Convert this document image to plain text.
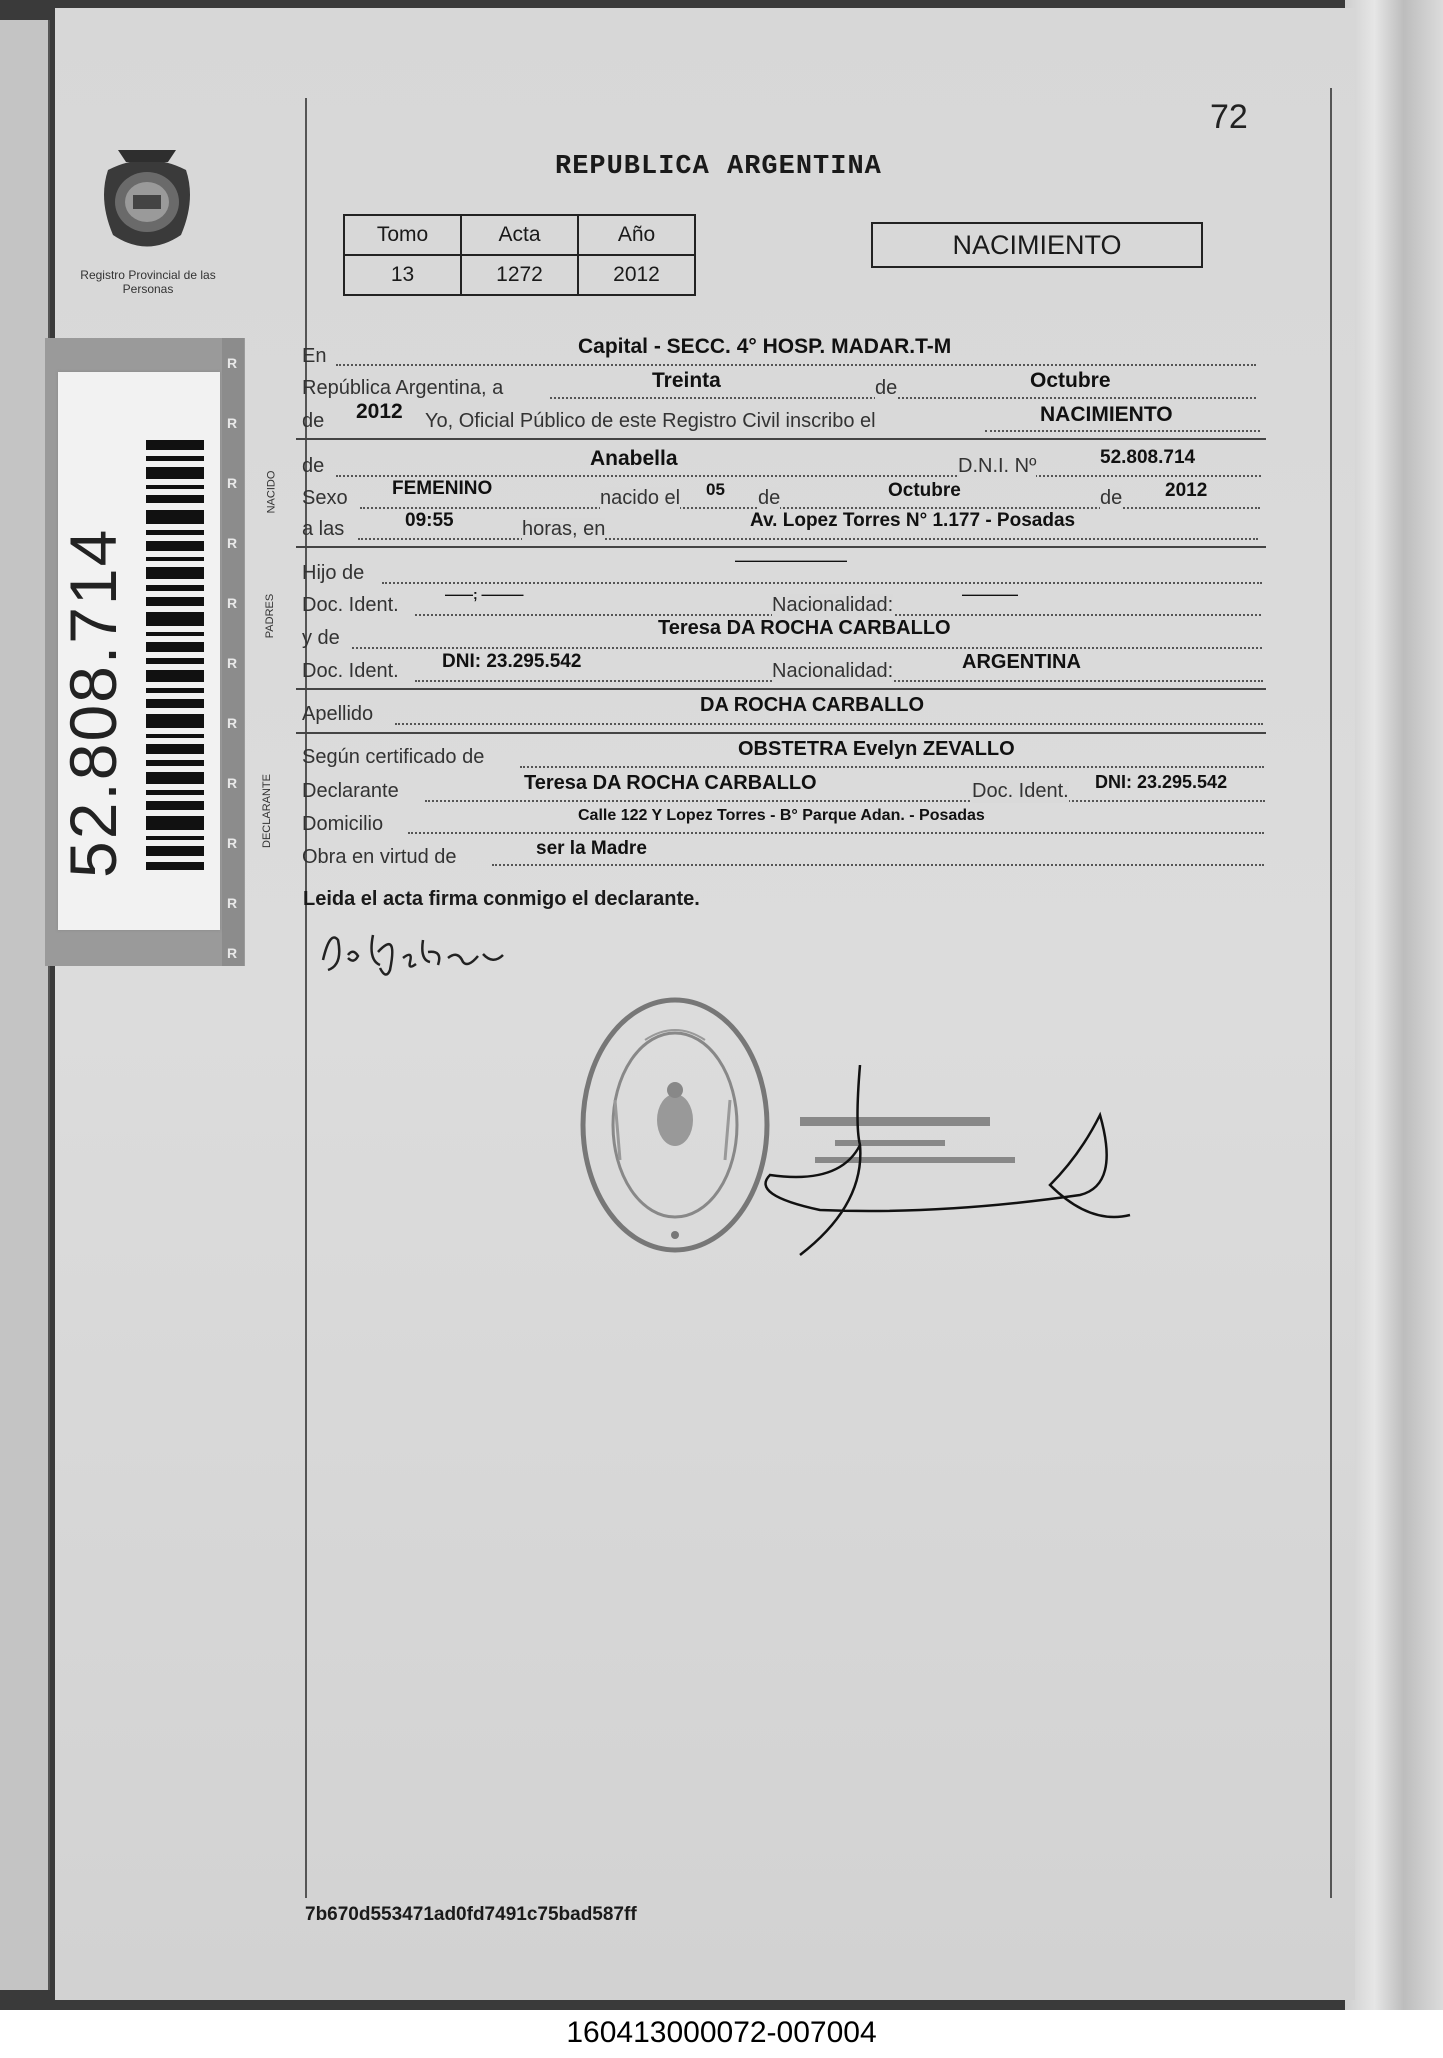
Registro Provincial de las Personas
R
R
R
R
R
R
R
R
R
R
R
52.808.714
72
REPUBLICA ARGENTINA
Tomo	Acta	Año
13	1272	2012
NACIMIENTO
En	Capital - SECC. 4° HOSP. MADAR.T-M
República Argentina, a	Treinta	de	Octubre
de 2012 Yo, Oficial Público de este Registro Civil inscribo el	NACIMIENTO
NACIDO
de	Anabella	D.N.I. Nº	52.808.714
Sexo FEMENINO	nacido el 05 de	Octubre	de 2012
a las	09:55	horas, en	Av. Lopez Torres N° 1.177 - Posadas
PADRES
Hijo de
————————
Doc. Ident.	——; ———	Nacionalidad:	————
y de	Teresa DA ROCHA CARBALLO
Doc. Ident. DNI: 23.295.542	Nacionalidad:	ARGENTINA
Apellido	DA ROCHA CARBALLO
DECLARANTE
Según certificado de	OBSTETRA Evelyn ZEVALLO
Declarante	Teresa DA ROCHA CARBALLO	Doc. Ident. DNI: 23.295.542
Domicilio	Calle 122 Y Lopez Torres - B° Parque Adan. - Posadas
Obra en virtud de	ser la Madre
Leida el acta firma conmigo el declarante.
7b670d553471ad0fd7491c75bad587ff
160413000072-007004
